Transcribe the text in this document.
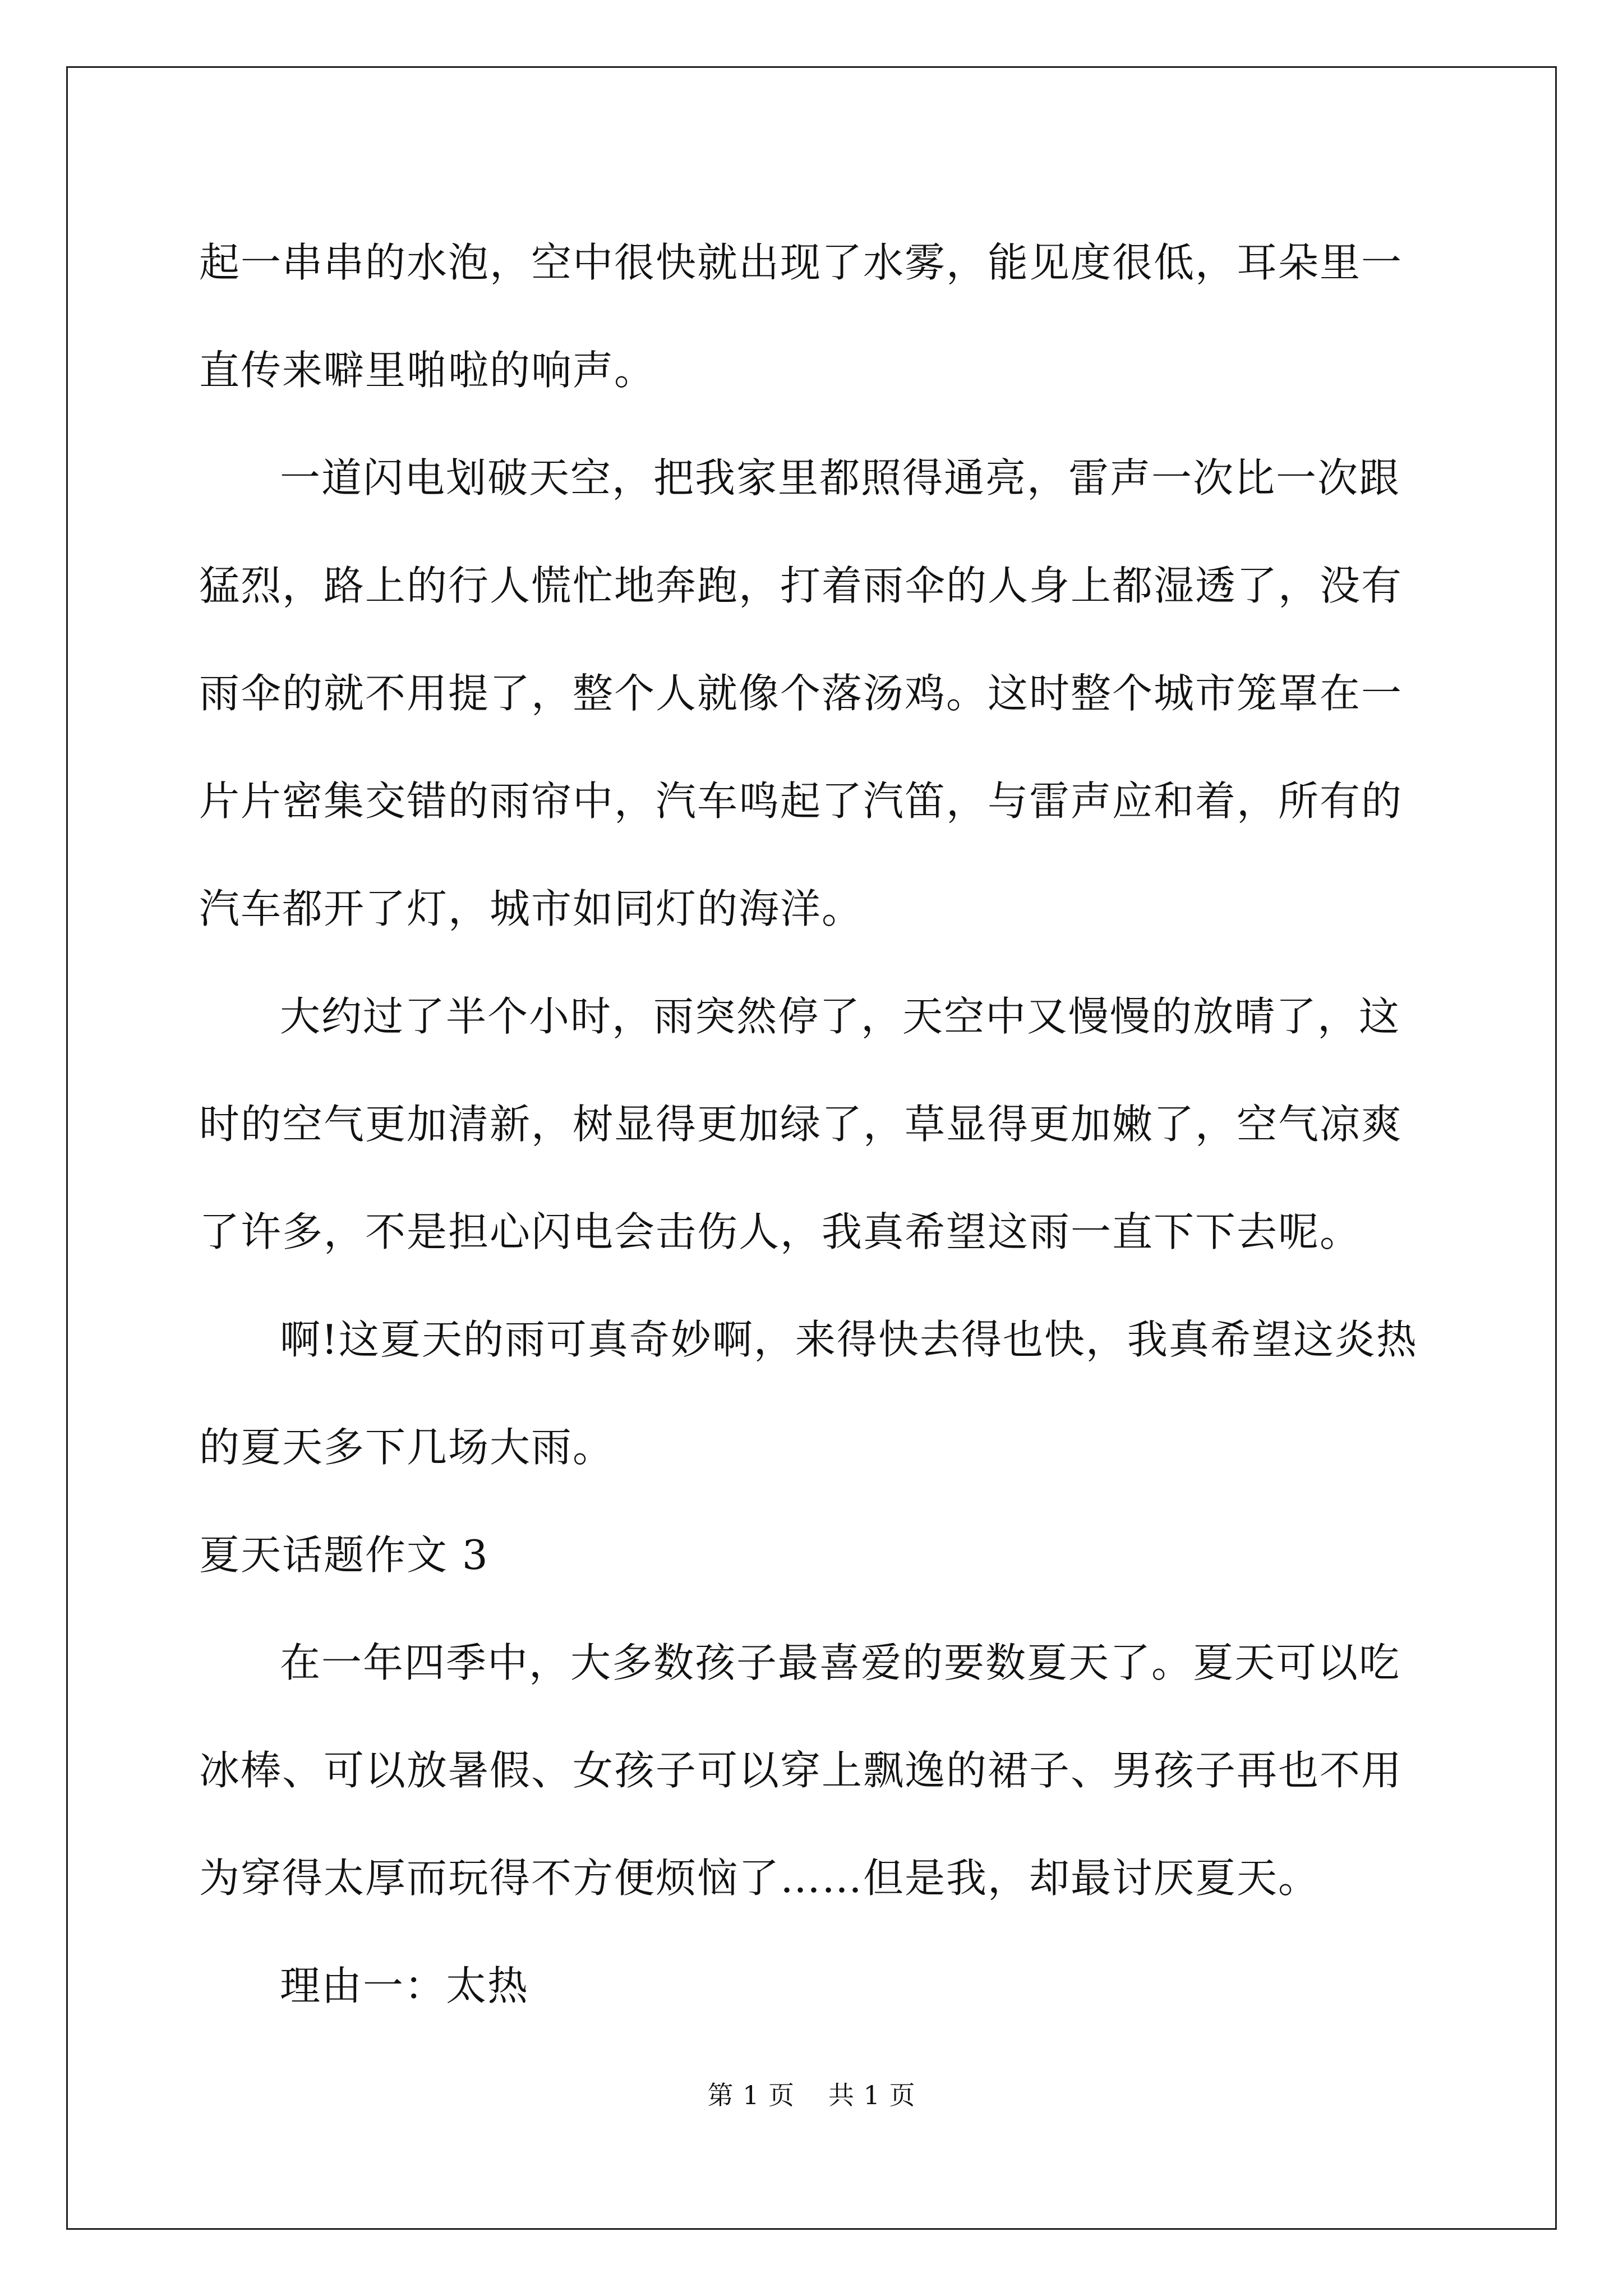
起一串串的水泡，空中很快就出现了水雾，能见度很低，耳朵里一直传来噼里啪啦的响声。

一道闪电划破天空，把我家里都照得通亮，雷声一次比一次跟猛烈，路上的行人慌忙地奔跑，打着雨伞的人身上都湿透了，没有雨伞的就不用提了，整个人就像个落汤鸡。这时整个城市笼罩在一片片密集交错的雨帘中，汽车鸣起了汽笛，与雷声应和着，所有的汽车都开了灯，城市如同灯的海洋。

大约过了半个小时，雨突然停了，天空中又慢慢的放晴了，这时的空气更加清新，树显得更加绿了，草显得更加嫩了，空气凉爽了许多，不是担心闪电会击伤人，我真希望这雨一直下下去呢。

啊!这夏天的雨可真奇妙啊，来得快去得也快，我真希望这炎热的夏天多下几场大雨。

夏天话题作文 3

在一年四季中，大多数孩子最喜爱的要数夏天了。夏天可以吃冰棒、可以放暑假、女孩子可以穿上飘逸的裙子、男孩子再也不用为穿得太厚而玩得不方便烦恼了……但是我，却最讨厌夏天。

理由一：太热

第 1 页 共 1 页
